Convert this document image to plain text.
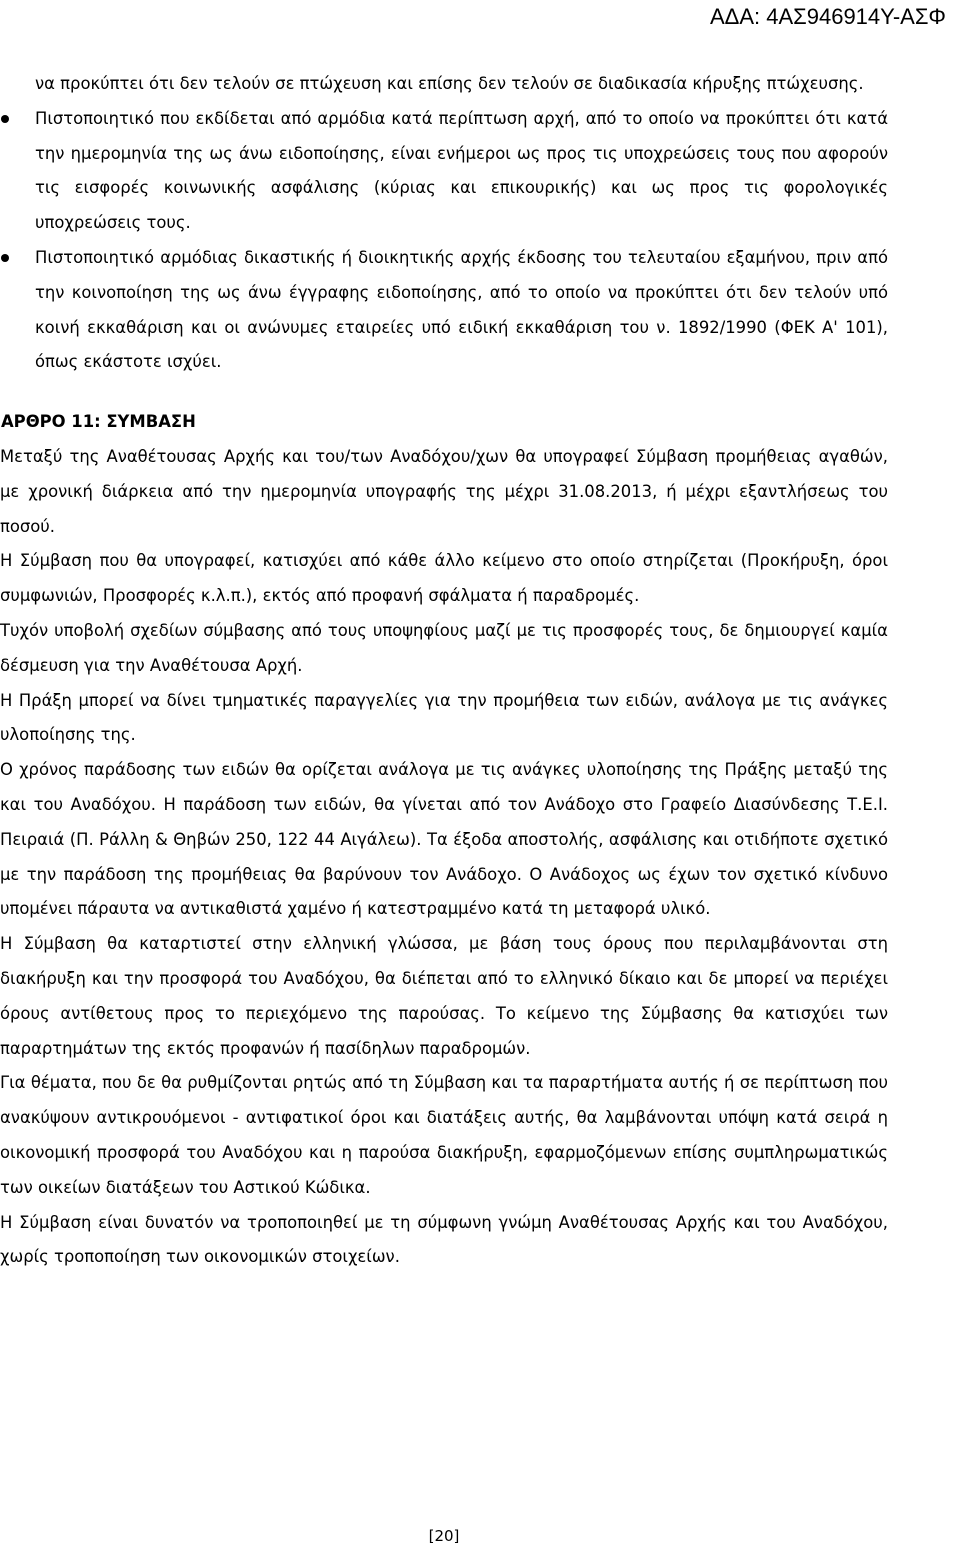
ΑΔΑ: 4ΑΣ946914Υ-ΑΣΦ

να προκύπτει ότι δεν τελούν σε πτώχευση και επίσης δεν τελούν σε διαδικασία κήρυξης πτώχευσης.

Πιστοποιητικό που εκδίδεται από αρμόδια κατά περίπτωση αρχή, από το οποίο να προκύπτει ότι κατά την ημερομηνία της ως άνω ειδοποίησης, είναι ενήμεροι ως προς τις υποχρεώσεις τους που αφορούν τις εισφορές κοινωνικής ασφάλισης (κύριας και επικουρικής) και ως προς τις φορολογικές υποχρεώσεις τους.
Πιστοποιητικό αρμόδιας δικαστικής ή διοικητικής αρχής έκδοσης του τελευταίου εξαμήνου, πριν από την κοινοποίηση της ως άνω έγγραφης ειδοποίησης, από το οποίο να προκύπτει ότι δεν τελούν υπό κοινή εκκαθάριση και οι ανώνυμες εταιρείες υπό ειδική εκκαθάριση του ν. 1892/1990 (ΦΕΚ Α' 101), όπως εκάστοτε ισχύει.

ΑΡΘΡΟ 11: ΣΥΜΒΑΣΗ

Μεταξύ της Αναθέτουσας Αρχής και του/των Αναδόχου/χων θα υπογραφεί Σύμβαση προμήθειας αγαθών, με χρονική διάρκεια από την ημερομηνία υπογραφής της μέχρι 31.08.2013, ή μέχρι εξαντλήσεως του ποσού.

Η Σύμβαση που θα υπογραφεί, κατισχύει από κάθε άλλο κείμενο στο οποίο στηρίζεται (Προκήρυξη, όροι συμφωνιών, Προσφορές κ.λ.π.), εκτός από προφανή σφάλματα ή παραδρομές.

Τυχόν υποβολή σχεδίων σύμβασης από τους υποψηφίους μαζί με τις προσφορές τους, δε δημιουργεί καμία δέσμευση για την Αναθέτουσα Αρχή.

Η Πράξη μπορεί να δίνει τμηματικές παραγγελίες για την προμήθεια των ειδών, ανάλογα με τις ανάγκες υλοποίησης της.

Ο χρόνος παράδοσης των ειδών θα ορίζεται ανάλογα με τις ανάγκες υλοποίησης της Πράξης μεταξύ της και του Αναδόχου. Η παράδοση των ειδών, θα γίνεται από τον Ανάδοχο στο Γραφείο Διασύνδεσης Τ.Ε.Ι. Πειραιά (Π. Ράλλη & Θηβών 250, 122 44 Αιγάλεω). Τα έξοδα αποστολής, ασφάλισης και οτιδήποτε σχετικό με την παράδοση της προμήθειας θα βαρύνουν τον Ανάδοχο. Ο Ανάδοχος ως έχων τον σχετικό κίνδυνο υπομένει πάραυτα να αντικαθιστά χαμένο ή κατεστραμμένο κατά τη μεταφορά υλικό.

Η Σύμβαση θα καταρτιστεί στην ελληνική γλώσσα, με βάση τους όρους που περιλαμβάνονται στη διακήρυξη και την προσφορά του Αναδόχου, θα διέπεται από το ελληνικό δίκαιο και δε μπορεί να περιέχει όρους αντίθετους προς το περιεχόμενο της παρούσας. Το κείμενο της Σύμβασης θα κατισχύει των παραρτημάτων της εκτός προφανών ή πασίδηλων παραδρομών.

Για θέματα, που δε θα ρυθμίζονται ρητώς από τη Σύμβαση και τα παραρτήματα αυτής ή σε περίπτωση που ανακύψουν αντικρουόμενοι - αντιφατικοί όροι και διατάξεις αυτής, θα λαμβάνονται υπόψη κατά σειρά η οικονομική προσφορά του Αναδόχου και η παρούσα διακήρυξη, εφαρμοζόμενων επίσης συμπληρωματικώς των οικείων διατάξεων του Αστικού Κώδικα.

Η Σύμβαση είναι δυνατόν να τροποποιηθεί με τη σύμφωνη γνώμη Αναθέτουσας Αρχής και του Αναδόχου, χωρίς τροποποίηση των οικονομικών στοιχείων.

[20]
